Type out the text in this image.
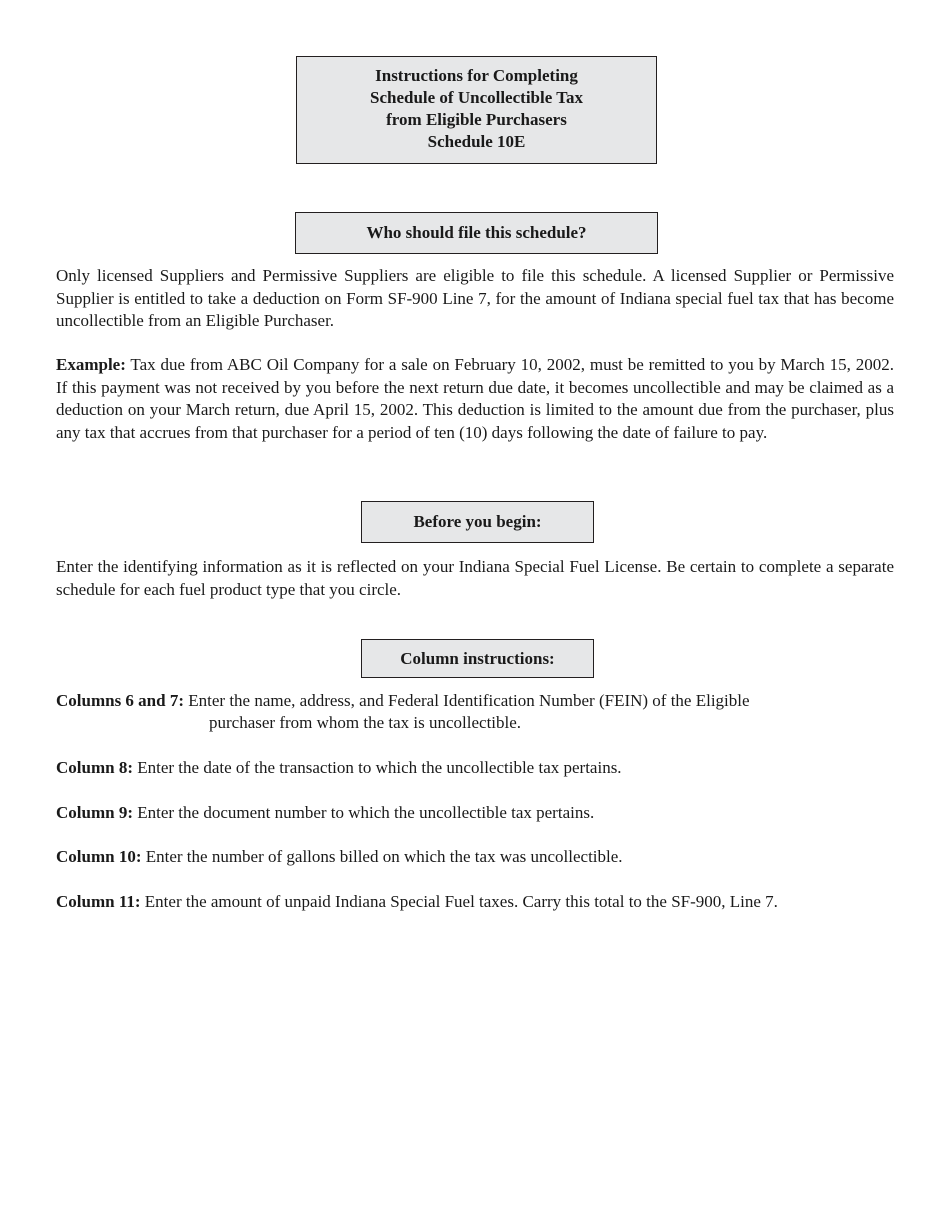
Instructions for Completing
Schedule of Uncollectible Tax
from Eligible Purchasers
Schedule 10E
Who should file this schedule?

Only licensed Suppliers and Permissive Suppliers are eligible to file this schedule. A licensed Supplier or Permissive Supplier is entitled to take a deduction on Form SF-900 Line 7, for the amount of Indiana special fuel tax that has become uncollectible from an Eligible Purchaser.

Example: Tax due from ABC Oil Company for a sale on February 10, 2002, must be remitted to you by March 15, 2002. If this payment was not received by you before the next return due date, it becomes uncollectible and may be claimed as a deduction on your March return, due April 15, 2002. This deduction is limited to the amount due from the purchaser, plus any tax that accrues from that purchaser for a period of ten (10) days following the date of failure to pay.

Before you begin:

Enter the identifying information as it is reflected on your Indiana Special Fuel License. Be certain to complete a separate schedule for each fuel product type that you circle.

Column instructions:
Columns 6 and 7: Enter the name, address, and Federal Identification Number (FEIN) of the Eligible
purchaser from whom the tax is uncollectible.
Column 8: Enter the date of the transaction to which the uncollectible tax pertains.
Column 9: Enter the document number to which the uncollectible tax pertains.
Column 10: Enter the number of gallons billed on which the tax was uncollectible.
Column 11: Enter the amount of unpaid Indiana Special Fuel taxes. Carry this total to the SF-900, Line 7.
